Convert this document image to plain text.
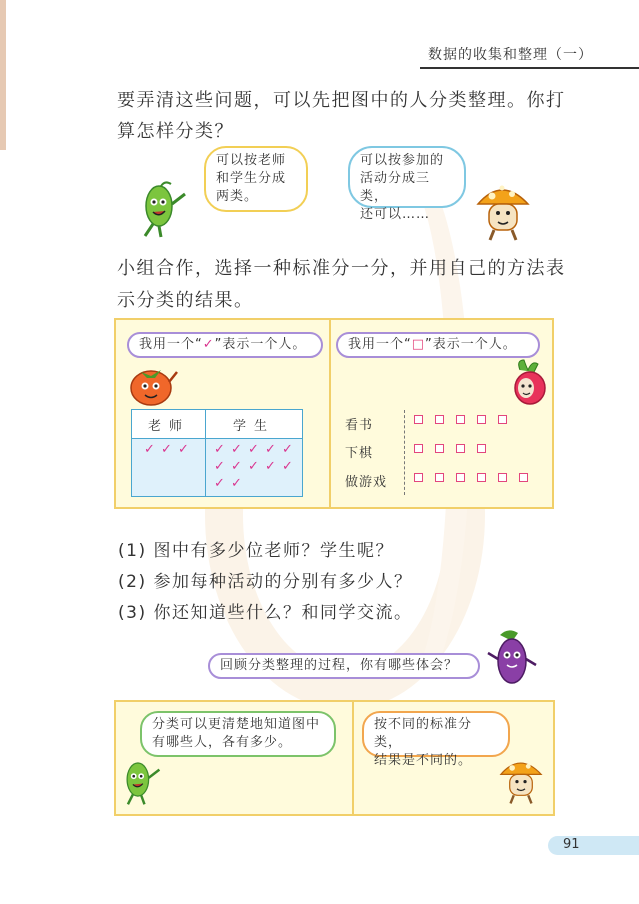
数据的收集和整理（一）
要弄清这些问题，可以先把图中的人分类整理。你打
算怎样分类？
可以按老师
和学生分成
两类。
可以按参加的
活动分成三类，
还可以……
小组合作，选择一种标准分一分，并用自己的方法表
示分类的结果。
我用一个“✓”表示一个人。	我用一个“□”表示一个人。
老师	学生
✓ ✓ ✓ ✓ ✓ ✓ ✓ ✓
✓ ✓ ✓ ✓ ✓
✓ ✓
看书
下棋
做游戏
(1) 图中有多少位老师？学生呢？
(2) 参加每种活动的分别有多少人？
(3) 你还知道些什么？和同学交流。
回顾分类整理的过程，你有哪些体会？
分类可以更清楚地知道图中
有哪些人，各有多少。
按不同的标准分类，
结果是不同的。
91
